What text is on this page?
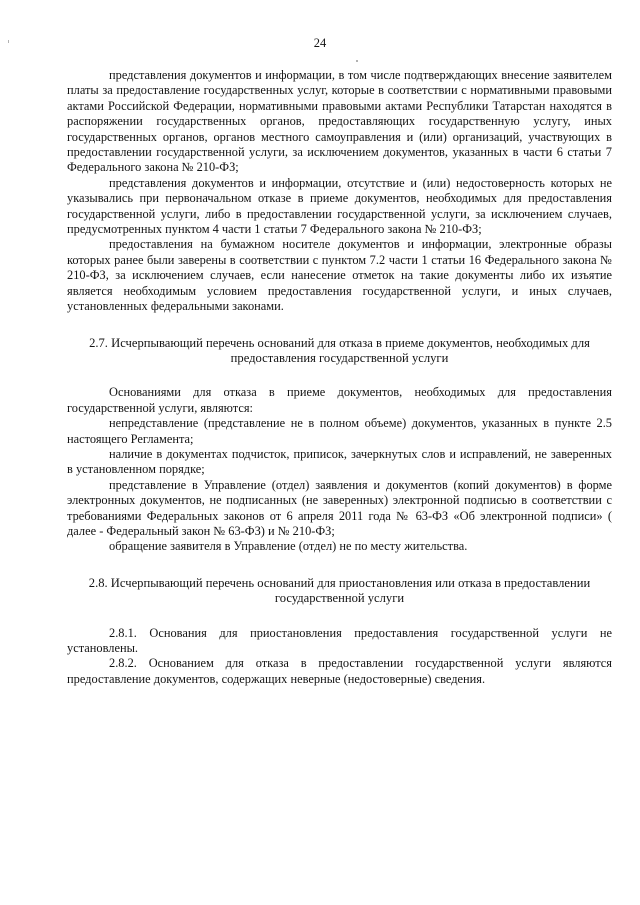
24

представления документов и информации, в том числе подтверждающих внесение заявителем платы за предоставление государственных услуг, которые в соответствии с нормативными правовыми актами Российской Федерации, нормативными правовыми актами Республики Татарстан находятся в распоряжении государственных органов, предоставляющих государственную услугу, иных государственных органов, органов местного самоуправления и (или) организаций, участвующих в предоставлении государственной услуги, за исключением документов, указанных в части 6 статьи 7 Федерального закона № 210-ФЗ;

представления документов и информации, отсутствие и (или) недостоверность которых не указывались при первоначальном отказе в приеме документов, необходимых для предоставления государственной услуги, либо в предоставлении государственной услуги, за исключением случаев, предусмотренных пунктом 4 части 1 статьи 7 Федерального закона № 210-ФЗ;

предоставления на бумажном носителе документов и информации, электронные образы которых ранее были заверены в соответствии с пунктом 7.2 части 1 статьи 16 Федерального закона № 210-ФЗ, за исключением случаев, если нанесение отметок на такие документы либо их изъятие является необходимым условием предоставления государственной услуги, и иных случаев, установленных федеральными законами.

2.7. Исчерпывающий перечень оснований для отказа в приеме документов, необходимых для предоставления государственной услуги

Основаниями для отказа в приеме документов, необходимых для предоставления государственной услуги, являются:

непредставление (представление не в полном объеме) документов, указанных в пункте 2.5 настоящего Регламента;

наличие в документах подчисток, приписок, зачеркнутых слов и исправлений, не заверенных в установленном порядке;

представление в Управление (отдел) заявления и документов (копий документов) в форме электронных документов, не подписанных (не заверенных) электронной подписью в соответствии с требованиями Федеральных законов от 6 апреля 2011 года № 63-ФЗ «Об электронной подписи» ( далее - Федеральный закон № 63-ФЗ) и № 210-ФЗ;

обращение заявителя в Управление (отдел) не по месту жительства.

2.8. Исчерпывающий перечень оснований для приостановления или отказа в предоставлении государственной услуги

2.8.1. Основания для приостановления предоставления государственной услуги не установлены.

2.8.2. Основанием для отказа в предоставлении государственной услуги являются предоставление документов, содержащих неверные (недостоверные) сведения.
